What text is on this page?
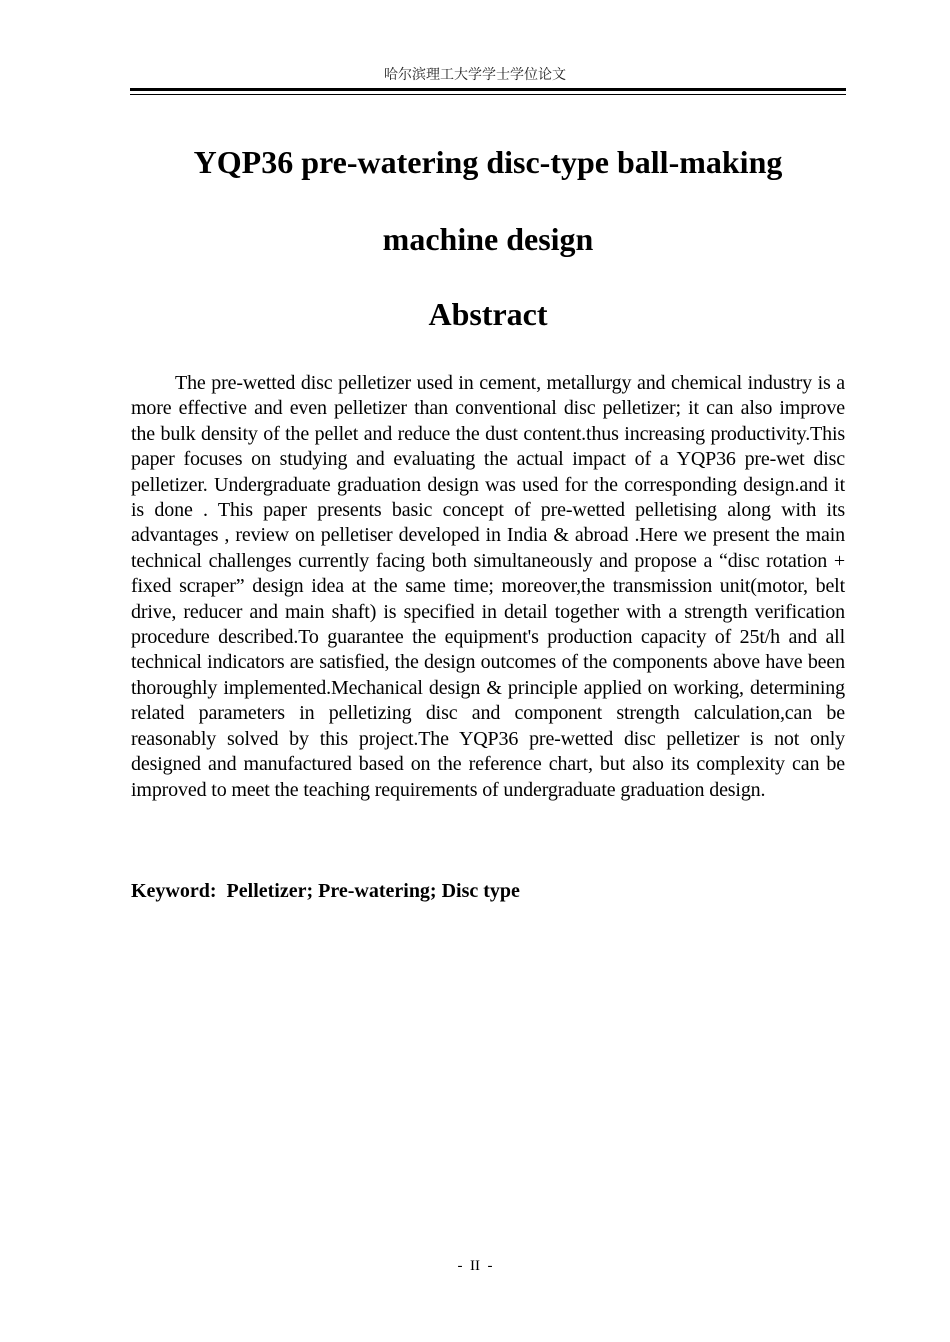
哈尔滨理工大学学士学位论文
YQP36 pre-watering disc-type ball-making
machine design
Abstract

The pre-wetted disc pelletizer used in cement, metallurgy and chemical industry is a more effective and even pelletizer than conventional disc pelletizer; it can also improve the bulk density of the pellet and reduce the dust content.thus increasing productivity.This paper focuses on studying and evaluating the actual impact of a YQP36 pre-wet disc pelletizer. Undergraduate graduation design was used for the corresponding design.and it is done . This paper presents basic concept of pre-wetted pelletising along with its advantages , review on pelletiser developed in India & abroad .Here we present the main technical challenges currently facing both simultaneously and propose a “disc rotation + fixed scraper” design idea at the same time; moreover,the transmission unit(motor, belt drive, reducer and main shaft) is specified in detail together with a strength verification procedure described.To guarantee the equipment's production capacity of 25t/h and all technical indicators are satisfied, the design outcomes of the components above have been thoroughly implemented.Mechanical design & principle applied on working, determining related parameters in pelletizing disc and component strength calculation,can be reasonably solved by this project.The YQP36 pre-wetted disc pelletizer is not only designed and manufactured based on the reference chart, but also its complexity can be improved to meet the teaching requirements of undergraduate graduation design.

Keyword:  Pelletizer; Pre-watering; Disc type

-  II  -
